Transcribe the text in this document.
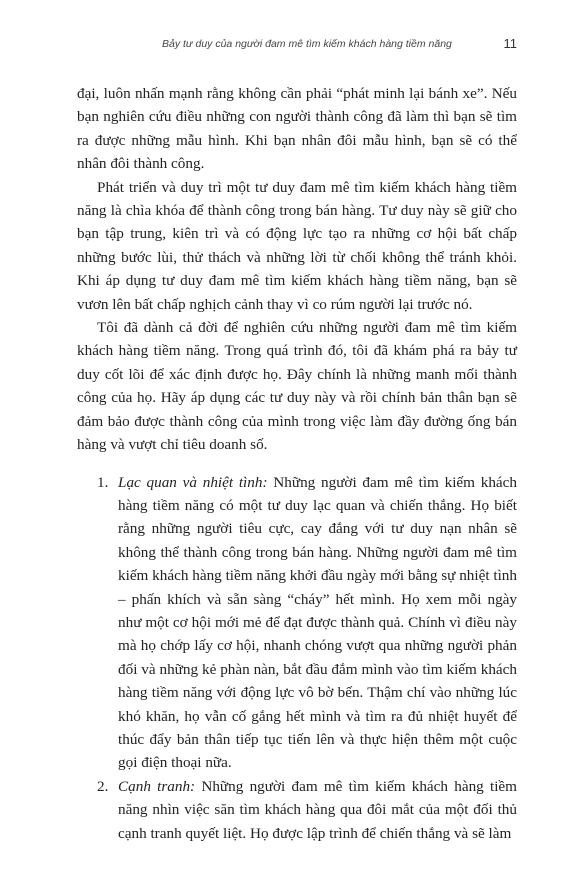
Bảy tư duy của người đam mê tìm kiếm khách hàng tiềm năng	11

đại, luôn nhấn mạnh rằng không cần phải “phát minh lại bánh xe”. Nếu bạn nghiên cứu điều những con người thành công đã làm thì bạn sẽ tìm ra được những mẫu hình. Khi bạn nhân đôi mẫu hình, bạn sẽ có thể nhân đôi thành công.

Phát triển và duy trì một tư duy đam mê tìm kiếm khách hàng tiềm năng là chìa khóa để thành công trong bán hàng. Tư duy này sẽ giữ cho bạn tập trung, kiên trì và có động lực tạo ra những cơ hội bất chấp những bước lùi, thử thách và những lời từ chối không thể tránh khỏi. Khi áp dụng tư duy đam mê tìm kiếm khách hàng tiềm năng, bạn sẽ vươn lên bất chấp nghịch cảnh thay vì co rúm người lại trước nó.

Tôi đã dành cả đời để nghiên cứu những người đam mê tìm kiếm khách hàng tiềm năng. Trong quá trình đó, tôi đã khám phá ra bảy tư duy cốt lõi để xác định được họ. Đây chính là những manh mối thành công của họ. Hãy áp dụng các tư duy này và rồi chính bản thân bạn sẽ đảm bảo được thành công của mình trong việc làm đầy đường ống bán hàng và vượt chỉ tiêu doanh số.

1. Lạc quan và nhiệt tình: Những người đam mê tìm kiếm khách hàng tiềm năng có một tư duy lạc quan và chiến thắng. Họ biết rằng những người tiêu cực, cay đắng với tư duy nạn nhân sẽ không thể thành công trong bán hàng. Những người đam mê tìm kiếm khách hàng tiềm năng khởi đầu ngày mới bằng sự nhiệt tình – phấn khích và sẵn sàng “cháy” hết mình. Họ xem mỗi ngày như một cơ hội mới mẻ để đạt được thành quả. Chính vì điều này mà họ chớp lấy cơ hội, nhanh chóng vượt qua những người phản đối và những kẻ phàn nàn, bắt đầu đắm mình vào tìm kiếm khách hàng tiềm năng với động lực vô bờ bến. Thậm chí vào những lúc khó khăn, họ vẫn cố gắng hết mình và tìm ra đủ nhiệt huyết để thúc đẩy bản thân tiếp tục tiến lên và thực hiện thêm một cuộc gọi điện thoại nữa.
2. Cạnh tranh: Những người đam mê tìm kiếm khách hàng tiềm năng nhìn việc săn tìm khách hàng qua đôi mắt của một đối thủ cạnh tranh quyết liệt. Họ được lập trình để chiến thắng và sẽ làm
